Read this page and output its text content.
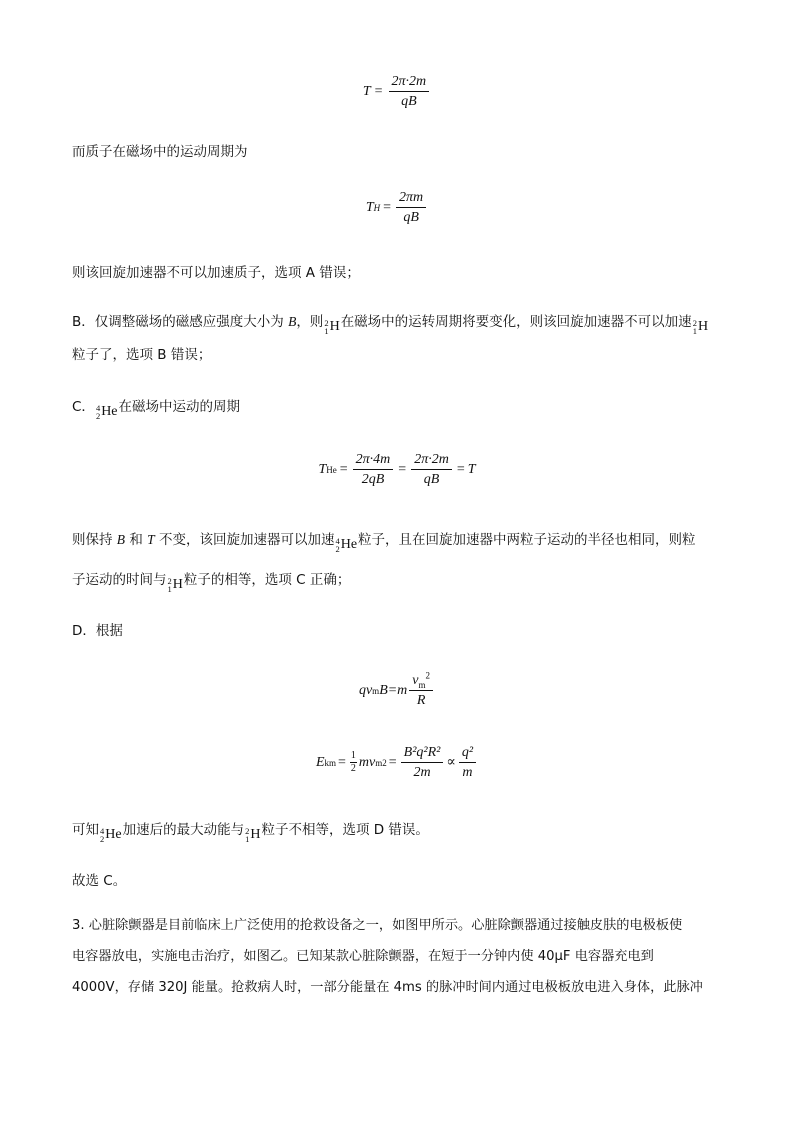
$T = \frac{2\pi\cdot 2m}{qB}$
而质子在磁场中的运动周期为
T $H = \frac{2\pi m}{qB}$
则该回旋加速器不可以加速质子，选项 A 错误；
B．仅调整磁场的磁感应强度大小为 B，则 2
1 H 在磁场中的运转周期将要变化，则该回旋加速器不可以加速 2
1 H
粒子了，选项 B 错误；
C． 4
2 He 在磁场中运动的周期
T $He = \frac{2\pi\cdot 4m}{2qB} = \frac{2\pi\cdot 2m}{qB} = T$
则保持 B 和 T 不变，该回旋加速器可以加速 4
2 He 粒子，且在回旋加速器中两粒子运动的半径也相同，则粒
子运动的时间与 2
1 H 粒子的相等，选项 C 正确；
D．根据
qv m $B=m \frac{v_m^2}{R}$
E km = $\frac{1}{2}$ mv m $2 = \frac{\text{B²q²R²}}{2m} \propto \frac{\text{q²}}{m}$
可知 4
2 He 加速后的最大动能与 2
1 H 粒子不相等，选项 D 错误。
故选 C。
3. 心脏除颤器是目前临床上广泛使用的抢救设备之一，如图甲所示。心脏除颤器通过接触皮肤的电极板使
电容器放电，实施电击治疗，如图乙。已知某款心脏除颤器，在短于一分钟内使 40μF 电容器充电到
4000V，存储 320J 能量。抢救病人时，一部分能量在 4ms 的脉冲时间内通过电极板放电进入身体，此脉冲
